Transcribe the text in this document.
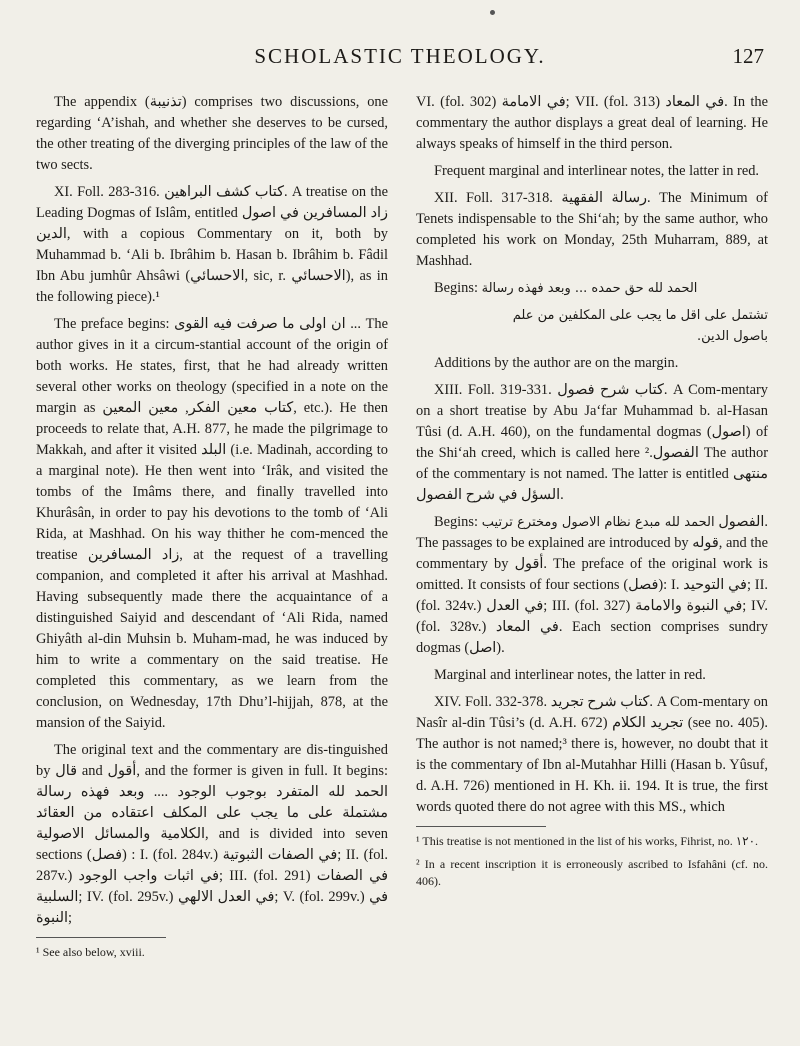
SCHOLASTIC THEOLOGY.	127

The appendix (تذنيبة) comprises two discussions, one regarding ‘A’ishah, and whether she deserves to be cursed, the other treating of the diverging principles of the law of the two sects.

XI. Foll. 283-316. كتاب كشف البراهين. A treatise on the Leading Dogmas of Islâm, entitled زاد المسافرين في اصول الدين, with a copious Commentary on it, both by Muhammad b. ‘Ali b. Ibrâhim b. Hasan b. Ibrâhim b. Fâdil Ibn Abu jumhûr Ahsâwi (الاحسائي, sic, r. الاحسائي), as in the following piece).¹

The preface begins: ان اولى ما صرفت فيه القوى ... The author gives in it a circum-stantial account of the origin of both works. He states, first, that he had already written several other works on theology (specified in a note on the margin as كتاب معين الفكر, معين المعين, etc.). He then proceeds to relate that, A.H. 877, he made the pilgrimage to Makkah, and after it visited البلد (i.e. Madinah, according to a marginal note). He then went into ‘Irâk, and visited the tombs of the Imâms there, and finally travelled into Khurâsân, in order to pay his devotions to the tomb of ‘Ali Rida, at Mashhad. On his way thither he com-menced the treatise زاد المسافرين, at the request of a travelling companion, and completed it after his arrival at Mashhad. Having subsequently made there the acquaintance of a distinguished Saiyid and descendant of ‘Ali Rida, named Ghiyâth al-din Muhsin b. Muham-mad, he was induced by him to write a commentary on the said treatise. He completed this commentary, as we learn from the conclusion, on Wednesday, 17th Dhu’l-hijjah, 878, at the mansion of the Saiyid.

The original text and the commentary are dis-tinguished by قال and أقول, and the former is given in full. It begins: الحمد لله المتفرد بوجوب الوجود .... وبعد فهذه رسالة مشتملة على ما يجب على المكلف اعتقاده من العقائد الكلامية والمسائل الاصولية, and is divided into seven sections (فصل) : I. (fol. 284v.) في الصفات الثبوتية; II. (fol. 287v.) في اثبات واجب الوجود; III. (fol. 291) في الصفات السلبية; IV. (fol. 295v.) في العدل الالهي; V. (fol. 299v.) في النبوة;

¹ See also below, xviii.

VI. (fol. 302) في الامامة; VII. (fol. 313) في المعاد. In the commentary the author displays a great deal of learning. He always speaks of himself in the third person.

Frequent marginal and interlinear notes, the latter in red.

XII. Foll. 317-318. رسالة الفقهية. The Minimum of Tenets indispensable to the Shi‘ah; by the same author, who completed his work on Monday, 25th Muharram, 889, at Mashhad.

Begins: الحمد لله حق حمده ... وبعد فهذه رسالة

تشتمل على اقل ما يجب على المكلفين من علم
باصول الدين.

Additions by the author are on the margin.

XIII. Foll. 319-331. كتاب شرح فصول. A Com-mentary on a short treatise by Abu Ja‘far Muhammad b. al-Hasan Tûsi (d. A.H. 460), on the fundamental dogmas (اصول) of the Shi‘ah creed, which is called here الفصول.² The author of the commentary is not named. The latter is entitled منتهى السؤل في شرح الفصول.

Begins: الحمد لله مبدع نظام الاصول ومخترع ترتيب الفصول. The passages to be explained are introduced by قوله, and the commentary by أقول. The preface of the original work is omitted. It consists of four sections (فصل): I. في التوحيد; II. (fol. 324v.) في العدل; III. (fol. 327) في النبوة والامامة; IV. (fol. 328v.) في المعاد. Each section comprises sundry dogmas (اصل).

Marginal and interlinear notes, the latter in red.

XIV. Foll. 332-378. كتاب شرح تجريد. A Com-mentary on Nasîr al-din Tûsi’s (d. A.H. 672) تجريد الكلام (see no. 405). The author is not named;³ there is, however, no doubt that it is the commentary of Ibn al-Mutahhar Hilli (Hasan b. Yûsuf, d. A.H. 726) mentioned in H. Kh. ii. 194. It is true, the first words quoted there do not agree with this MS., which

¹ This treatise is not mentioned in the list of his works, Fihrist, no. ١٢٠.

² In a recent inscription it is erroneously ascribed to Isfahâni (cf. no. 406).
